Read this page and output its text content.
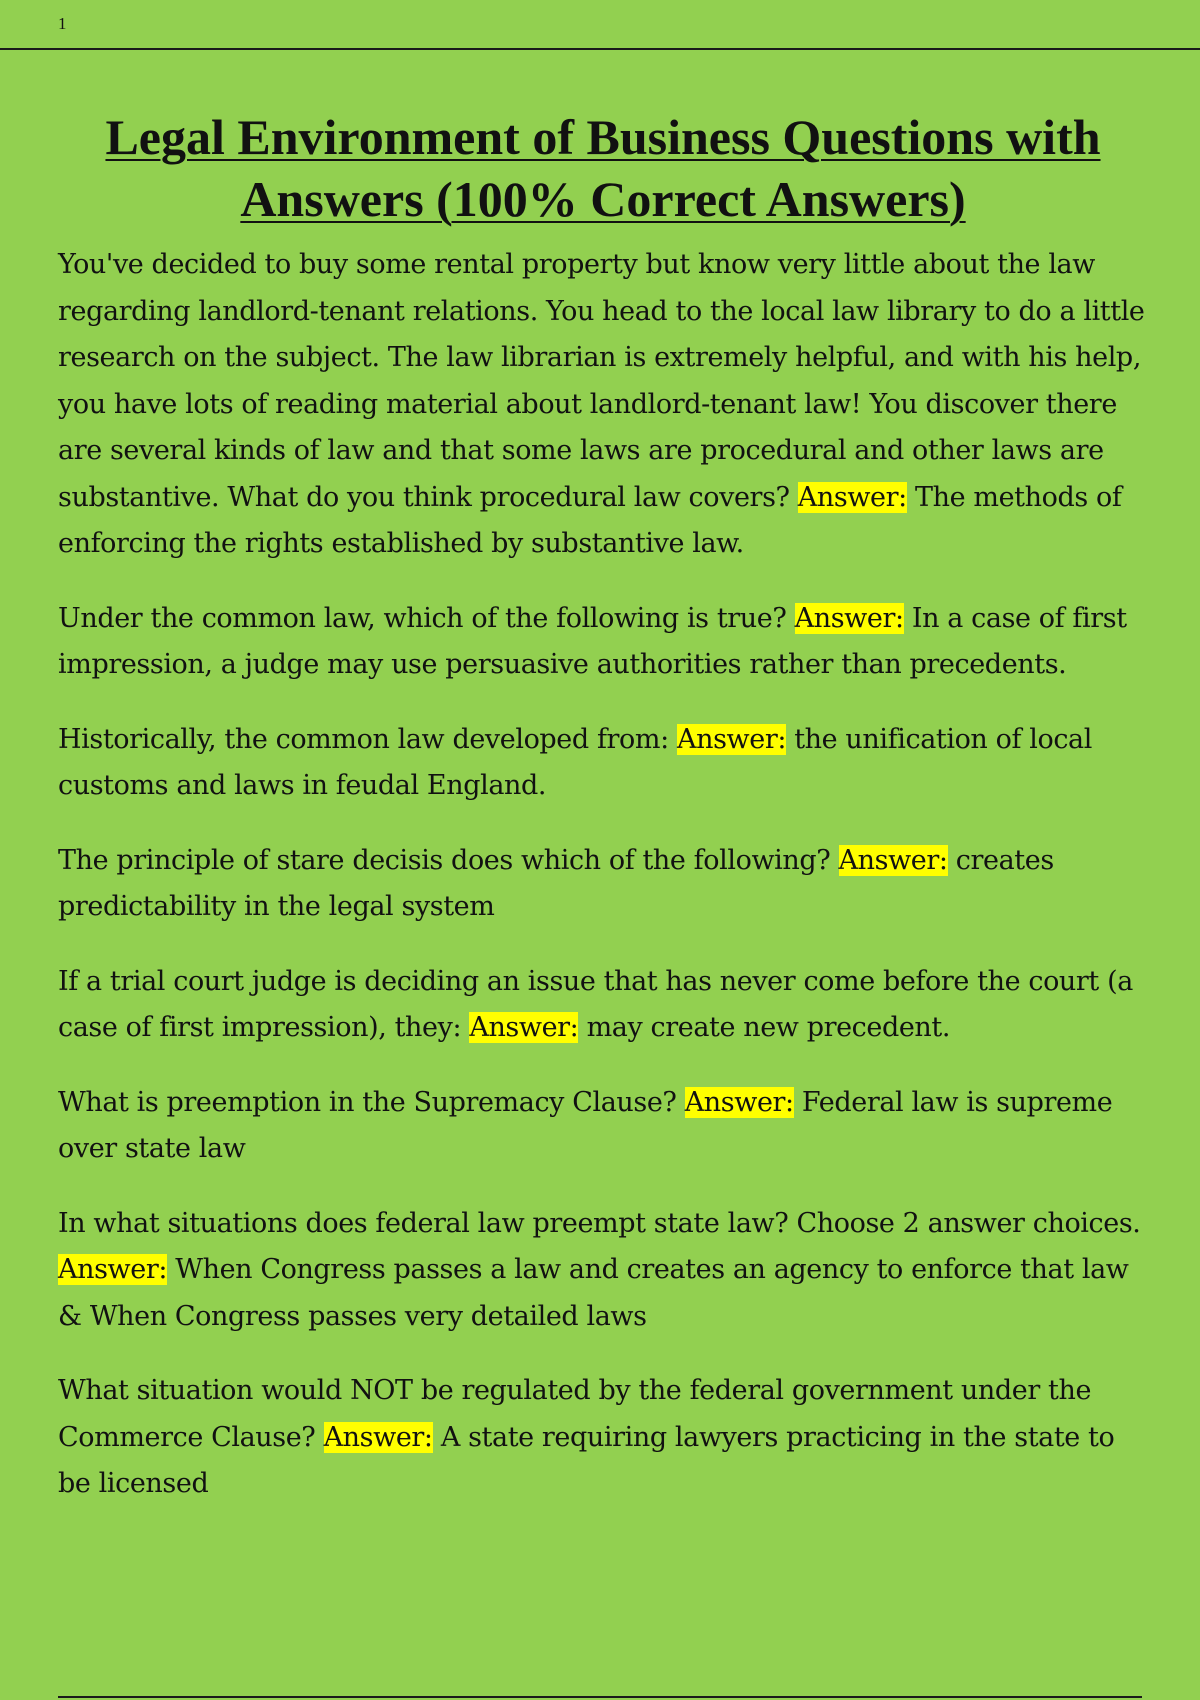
1
Legal Environment of Business Questions with Answers (100% Correct Answers)

You've decided to buy some rental property but know very little about the law regarding landlord-tenant relations. You head to the local law library to do a little research on the subject. The law librarian is extremely helpful, and with his help, you have lots of reading material about landlord-tenant law! You discover there are several kinds of law and that some laws are procedural and other laws are substantive. What do you think procedural law covers? Answer: The methods of enforcing the rights established by substantive law.

Under the common law, which of the following is true? Answer: In a case of first impression, a judge may use persuasive authorities rather than precedents.

Historically, the common law developed from: Answer: the unification of local customs and laws in feudal England.

The principle of stare decisis does which of the following? Answer: creates predictability in the legal system

If a trial court judge is deciding an issue that has never come before the court (a case of first impression), they: Answer: may create new precedent.

What is preemption in the Supremacy Clause? Answer: Federal law is supreme over state law

In what situations does federal law preempt state law? Choose 2 answer choices. Answer: When Congress passes a law and creates an agency to enforce that law & When Congress passes very detailed laws

What situation would NOT be regulated by the federal government under the Commerce Clause? Answer: A state requiring lawyers practicing in the state to be licensed
